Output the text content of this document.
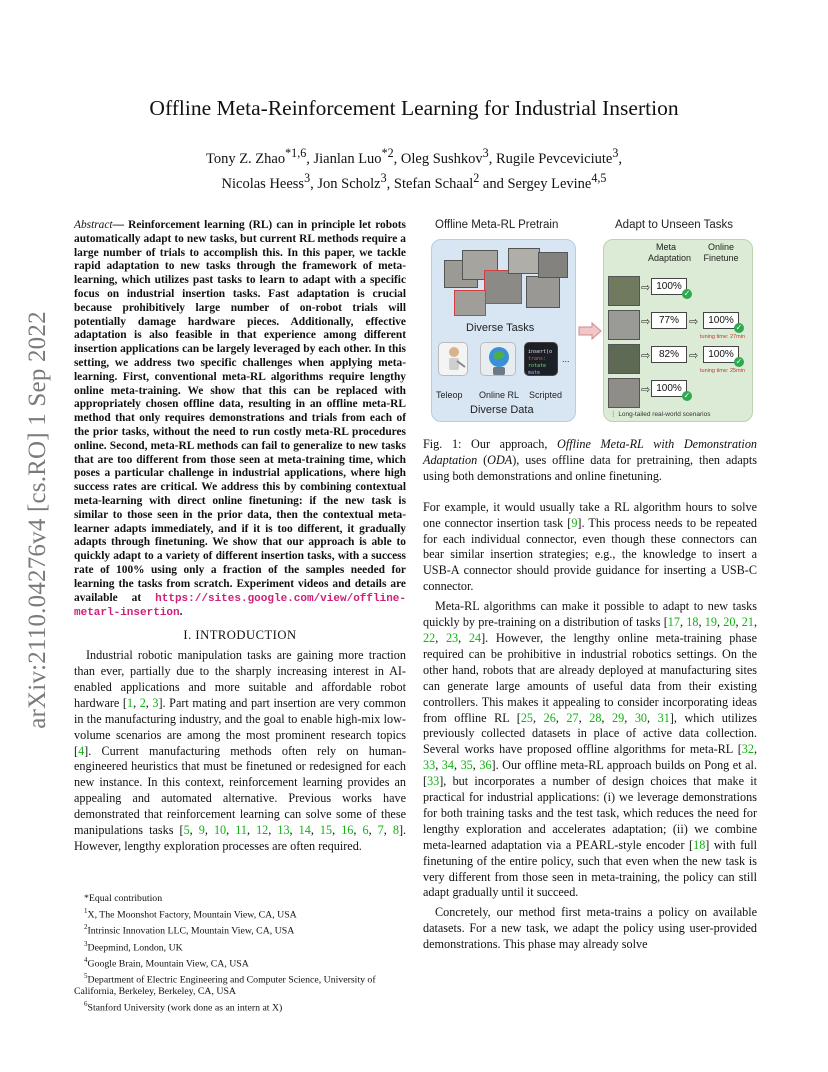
arXiv:2110.04276v4 [cs.RO] 1 Sep 2022
Offline Meta-Reinforcement Learning for Industrial Insertion
Tony Z. Zhao$^{*1,6}$, Jianlan Luo$^{*2}$, Oleg Sushkov$^3$, Rugile Pevceviciute$^3$,
Nicolas Heess$^3$, Jon Scholz$^3$, Stefan Schaal$^2$ and Sergey Levine$^{4,5}$

Abstract— Reinforcement learning (RL) can in principle let robots automatically adapt to new tasks, but current RL methods require a large number of trials to accomplish this. In this paper, we tackle rapid adaptation to new tasks through the framework of meta-learning, which utilizes past tasks to learn to adapt with a specific focus on industrial insertion tasks. Fast adaptation is crucial because prohibitively large number of on-robot trials will potentially damage hardware pieces. Additionally, effective adaptation is also feasible in that experience among different insertion applications can be largely leveraged by each other. In this setting, we address two specific challenges when applying meta-learning. First, conventional meta-RL algorithms require lengthy online meta-training. We show that this can be replaced with appropriately chosen offline data, resulting in an offline meta-RL method that only requires demonstrations and trials from each of the prior tasks, without the need to run costly meta-RL procedures online. Second, meta-RL methods can fail to generalize to new tasks that are too different from those seen at meta-training time, which poses a particular challenge in industrial applications, where high success rates are critical. We address this by combining contextual meta-learning with direct online finetuning: if the new task is similar to those seen in the prior data, then the contextual meta-learner adapts immediately, and if it is too different, it gradually adapts through finetuning. We show that our approach is able to quickly adapt to a variety of different insertion tasks, with a success rate of 100% using only a fraction of the samples needed for learning the tasks from scratch. Experiment videos and details are available at https://sites.google.com/view/offline-metarl-insertion.

I. INTRODUCTION

Industrial robotic manipulation tasks are gaining more traction than ever, partially due to the sharply increasing interest in AI-enabled applications and more suitable and affordable robot hardware [1, 2, 3]. Part mating and part insertion are very common in the manufacturing industry, and the goal to enable high-mix low-volume scenarios are among the most prominent research topics [4]. Current manufacturing methods often rely on human-engineered heuristics that must be finetuned or redesigned for each new instance. In this context, reinforcement learning provides an appealing and automated alternative. Previous works have demonstrated that reinforcement learning can solve some of these manipulations tasks [5, 9, 10, 11, 12, 13, 14, 15, 16, 6, 7, 8]. However, lengthy exploration processes are often required.

*Equal contribution
$^1$X, The Moonshot Factory, Mountain View, CA, USA
$^2$Intrinsic Innovation LLC, Mountain View, CA, USA
$^3$Deepmind, London, UK
$^4$Google Brain, Mountain View, CA, USA
$^5$Department of Electric Engineering and Computer Science, University of California, Berkeley, Berkeley, CA, USA
$^6$Stanford University (work done as an intern at X)
Offline Meta-RL Pretrain	Adapt to Unseen Tasks
Diverse Tasks
insert(o
trans:
rotate
mate
...
Teleop Online RL Scripted
Diverse Data
Meta Adaptation
Online Finetune
⇨ 100%
✓
⇨ 77% ⇨ 100%
✓
tuning time: 27min
⇨ 82% ⇨ 100%
✓
tuning time: 25min
⇨ 100%
✓
⋮ Long-tailed real-world scenarios

Fig. 1: Our approach, Offline Meta-RL with Demonstration Adaptation (ODA), uses offline data for pretraining, then adapts using both demonstrations and online finetuning.

For example, it would usually take a RL algorithm hours to solve one connector insertion task [9]. This process needs to be repeated for each individual connector, even though these connectors can bear similar insertion strategies; e.g., the knowledge to insert a USB-A connector should provide guidance for inserting a USB-C connector.

Meta-RL algorithms can make it possible to adapt to new tasks quickly by pre-training on a distribution of tasks [17, 18, 19, 20, 21, 22, 23, 24]. However, the lengthy online meta-training phase required can be prohibitive in industrial robotics settings. On the other hand, robots that are already deployed at manufacturing sites can generate large amounts of useful data from their existing controllers. This makes it appealing to consider incorporating ideas from offline RL [25, 26, 27, 28, 29, 30, 31], which utilizes previously collected datasets in place of active data collection. Several works have proposed offline algorithms for meta-RL [32, 33, 34, 35, 36]. Our offline meta-RL approach builds on Pong et al. [33], but incorporates a number of design choices that make it practical for industrial applications: (i) we leverage demonstrations for both training tasks and the test task, which reduces the need for lengthy exploration and accelerates adaptation; (ii) we combine meta-learned adaptation via a PEARL-style encoder [18] with full finetuning of the entire policy, such that even when the new task is very different from those seen in meta-training, the policy can still adapt gradually until it succeed.

Concretely, our method first meta-trains a policy on available datasets. For a new task, we adapt the policy using user-provided demonstrations. This phase may already solve
